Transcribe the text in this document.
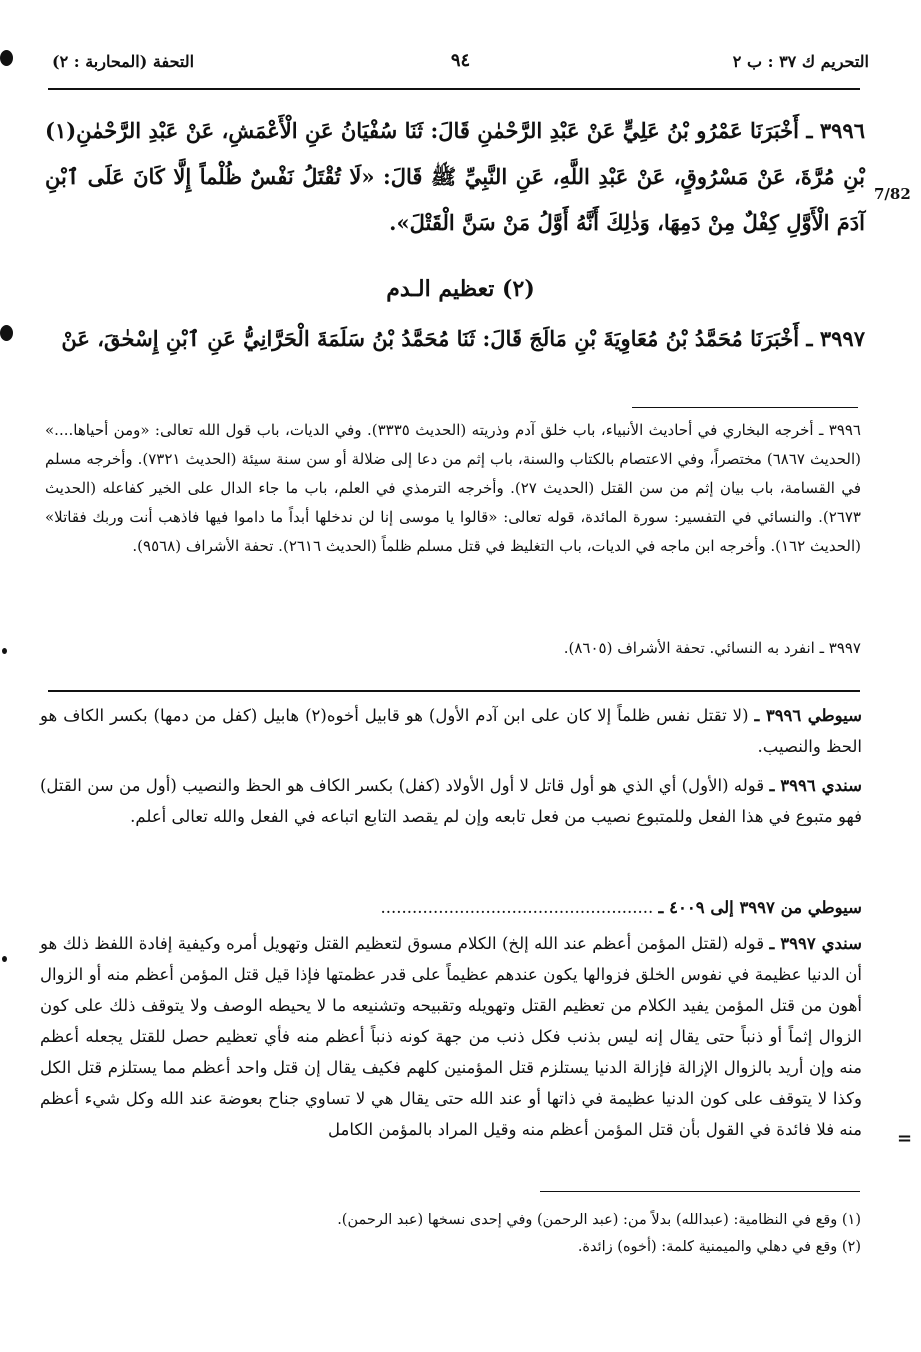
التحريم ك ٣٧ : ب ٢
٩٤
التحفة (المحاربة : ٢)
7/82
٣٩٩٦ ـ أَخْبَرَنَا عَمْرُو بْنُ عَلِيٍّ عَنْ عَبْدِ الرَّحْمٰنِ قَالَ: ثَنَا سُفْيَانُ عَنِ الْأَعْمَشِ، عَنْ عَبْدِ الرَّحْمٰنِ(١) بْنِ مُرَّةَ، عَنْ مَسْرُوقٍ، عَنْ عَبْدِ اللَّهِ، عَنِ النَّبِيِّ ﷺ قَالَ: «لَا تُقْتَلُ نَفْسٌ ظُلْماً إِلَّا كَانَ عَلَى ٱبْنِ آدَمَ الْأَوَّلِ كِفْلٌ مِنْ دَمِهَا، وَذٰلِكَ أَنَّهُ أَوَّلُ مَنْ سَنَّ الْقَتْلَ».
(٢) تعظيم الـدم
٣٩٩٧ ـ أَخْبَرَنَا مُحَمَّدُ بْنُ مُعَاوِيَةَ بْنِ مَالَجَ قَالَ: ثَنَا مُحَمَّدُ بْنُ سَلَمَةَ الْحَرَّانِيُّ عَنِ ٱبْنِ إِسْحٰقَ، عَنْ
٣٩٩٦ ـ أخرجه البخاري في أحاديث الأنبياء، باب خلق آدم وذريته (الحديث ٣٣٣٥). وفي الديات، باب قول الله تعالى: «ومن أحياها....» (الحديث ٦٨٦٧) مختصراً، وفي الاعتصام بالكتاب والسنة، باب إثم من دعا إلى ضلالة أو سن سنة سيئة (الحديث ٧٣٢١). وأخرجه مسلم في القسامة، باب بيان إثم من سن القتل (الحديث ٢٧). وأخرجه الترمذي في العلم، باب ما جاء الدال على الخير كفاعله (الحديث ٢٦٧٣). والنسائي في التفسير: سورة المائدة، قوله تعالى: «قالوا يا موسى إنا لن ندخلها أبداً ما داموا فيها فاذهب أنت وربك فقاتلا» (الحديث ١٦٢). وأخرجه ابن ماجه في الديات، باب التغليظ في قتل مسلم ظلماً (الحديث ٢٦١٦). تحفة الأشراف (٩٥٦٨).
٣٩٩٧ ـ انفرد به النسائي. تحفة الأشراف (٨٦٠٥).
سيوطي ٣٩٩٦ ـ (لا تقتل نفس ظلماً إلا كان على ابن آدم الأول) هو قابيل أخوه(٢) هابيل (كفل من دمها) بكسر الكاف هو الحظ والنصيب.
سندي ٣٩٩٦ ـ قوله (الأول) أي الذي هو أول قاتل لا أول الأولاد (كفل) بكسر الكاف هو الحظ والنصيب (أول من سن القتل) فهو متبوع في هذا الفعل وللمتبوع نصيب من فعل تابعه وإن لم يقصد التابع اتباعه في الفعل والله تعالى أعلم.
سيوطي من ٣٩٩٧ إلى ٤٠٠٩ ـ ....................................................
سندي ٣٩٩٧ ـ قوله (لقتل المؤمن أعظم عند الله إلخ) الكلام مسوق لتعظيم القتل وتهويل أمره وكيفية إفادة اللفظ ذلك هو أن الدنيا عظيمة في نفوس الخلق فزوالها يكون عندهم عظيماً على قدر عظمتها فإذا قيل قتل المؤمن أعظم منه أو الزوال أهون من قتل المؤمن يفيد الكلام من تعظيم القتل وتهويله وتقبيحه وتشنيعه ما لا يحيطه الوصف ولا يتوقف ذلك على كون الزوال إثماً أو ذنباً حتى يقال إنه ليس بذنب فكل ذنب من جهة كونه ذنباً أعظم منه فأي تعظيم حصل للقتل يجعله أعظم منه وإن أريد بالزوال الإزالة فإزالة الدنيا يستلزم قتل المؤمنين كلهم فكيف يقال إن قتل واحد أعظم مما يستلزم قتل الكل وكذا لا يتوقف على كون الدنيا عظيمة في ذاتها أو عند الله حتى يقال هي لا تساوي جناح بعوضة عند الله وكل شيء أعظم منه فلا فائدة في القول بأن قتل المؤمن أعظم منه وقيل المراد بالمؤمن الكامل
(١) وقع في النظامية: (عبدالله) بدلاً من: (عبد الرحمن) وفي إحدى نسخها (عبد الرحمن).
(٢) وقع في دهلي والميمنية كلمة: (أخوه) زائدة.
=
